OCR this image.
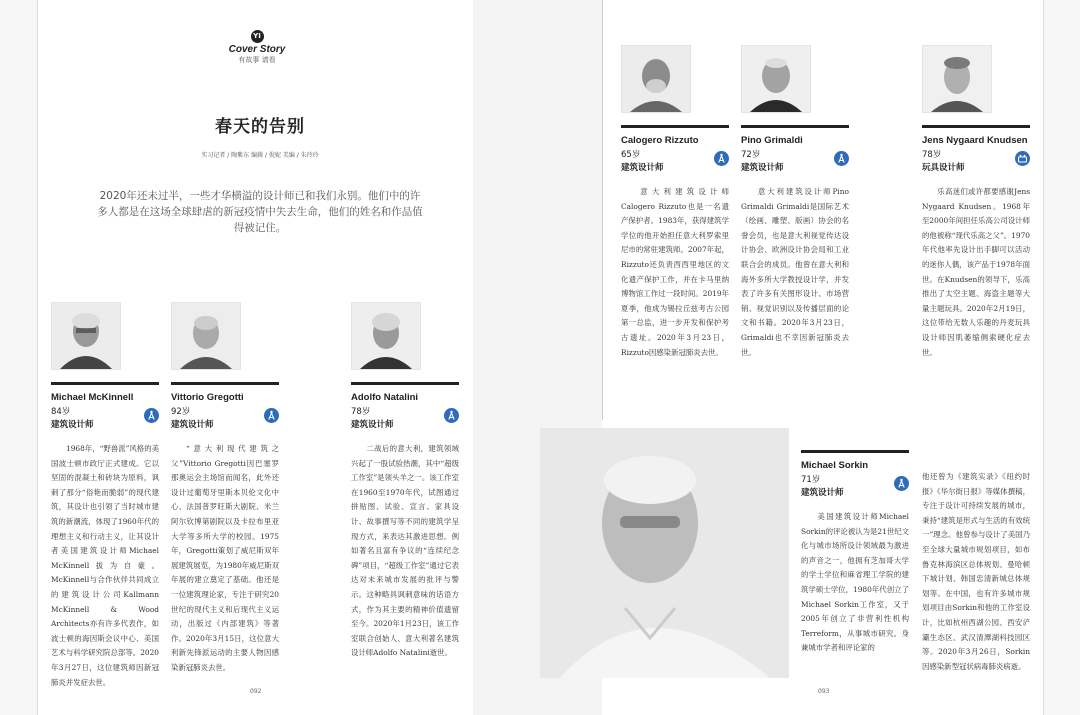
YI
Cover Story
有故事 请看
春天的告别
实习记者 / 陶紫东 编辑 / 倪妮 美编 / 朱玲玲
2020年还未过半，一些才华横溢的设计师已和我们永别。他们中的许多人都是在这场全球肆虐的新冠疫情中失去生命，他们的姓名和作品值得被记住。
Michael McKinnell
84岁
建筑设计师
1968年，“野兽派”风格的美国波士顿市政厅正式建成。它以坚固的混凝土和砖块为原料，讽刺了那分“俗艳而脆弱”的现代建筑，其设计也引领了当时城市建筑的新潮流，体现了1960年代的理想主义和行动主义，让其设计者美国建筑设计师Michael McKinnell拔为自豪。McKinnell与合作伙伴共同成立的建筑设计公司Kallmann McKinnell & Wood Architects亦有许多代表作，如波士顿的海因斯会议中心、美国艺术与科学研究院总部等。2020年3月27日，这位建筑师因新冠肺炎并发症去世。
Vittorio Gregotti
92岁
建筑设计师
“意大利现代建筑之父”Vittorio Gregotti因巴塞罗那奥运会主场馆而闻名，此外还设计过葡萄牙里斯本贝伦文化中心、法国普罗旺斯大剧院、米兰阿尔钦博第剧院以及卡拉布里亚大学等多所大学的校园。1975年，Gregotti策划了威尼斯双年展建筑展览，为1980年威尼斯双年展的建立奠定了基础。他还是一位建筑理论家，专注于研究20世纪的现代主义和后现代主义运动，出版过《内部建筑》等著作。2020年3月15日，这位意大利新先锋派运动的主要人物因感染新冠肺炎去世。
Adolfo Natalini
78岁
建筑设计师
二战后的意大利，建筑领域兴起了一股试验热潮，其中“超级工作室”是领头羊之一。该工作室在1960至1970年代，试图通过拼贴图、试验、宣言、家具设计、故事撰写等不同的建筑学呈现方式，来表达其激进思想。例如著名且富有争议的“连续纪念碑”项目，“超级工作室”通过它表达对未来城市发展的批评与警示。这种略具讽刺意味的话语方式，作为其主要的精神价值遗留至今。2020年1月23日，该工作室联合创始人、意大利著名建筑设计师Adolfo Natalini逝世。
Calogero Rizzuto
65岁
建筑设计师
意大利建筑设计师Calogero Rizzuto也是一名遗产保护者。1983年，获得建筑学学位的他开始担任意大利罗索里尼市的常驻建筑师。2007年起，Rizzuto还负责西西里地区的文化遗产保护工作，并在卡马里纳博物馆工作过一段时间。2019年夏季，他成为锡拉丘兹考古公园第一总监，进一步开发和保护考古遗址。2020年3月23日，Rizzuto因感染新冠肺炎去世。
Pino Grimaldi
72岁
建筑设计师
意大利建筑设计师Pino Grimaldi Grimaldi是国际艺术（绘画、雕塑、版画）协会的名誉会员，也是意大利视觉传达设计协会、欧洲设计协会局和工业联合会的成员。他曾在意大利和海外多所大学教授设计学，并发表了许多有关图形设计、市场营销、视觉识别以及传播层面的论文和书籍。2020年3月23日，Grimaldi也不幸因新冠肺炎去世。
Jens Nygaard Knudsen
78岁
玩具设计师
乐高迷们或许都要感谢Jens Nygaard Knudsen。1968年至2000年间担任乐高公司设计师的他被称“现代乐高之父”。1970年代他率先设计出手脚可以活动的迷你人偶，该产品于1978年面世。在Knudsen的领导下，乐高推出了太空主题、海盗主题等大量主题玩具。2020年2月19日，这位带给无数人乐趣的丹麦玩具设计师因肌萎缩侧索硬化症去世。
Michael Sorkin
71岁
建筑设计师
美国建筑设计师Michael Sorkin的评论被认为是21世纪文化与城市场所设计领域最为激进的声音之一，他拥有芝加哥大学的学士学位和麻省理工学院的建筑学硕士学位，1980年代创立了Michael Sorkin工作室，又于2005年创立了非营利性机构Terreform，从事城市研究。身兼城市学者和评论家的
他还曾为《建筑实录》《纽约时报》《华尔街日报》等媒体撰稿，专注于设计可持续发展的城市，秉持“建筑是形式与生活的有效统一”理念。他曾参与设计了美国乃至全球大量城市规划项目，如布鲁克林海滨区总体规划、曼哈顿下城计划、韩国忠清新城总体规划等。在中国，也有许多城市规划项目由Sorkin和他的工作室设计，比如杭州西湖公园、西安浐灞生态区、武汉清潭湖科技园区等。2020年3月26日，Sorkin因感染新型冠状病毒肺炎病逝。
092	093
